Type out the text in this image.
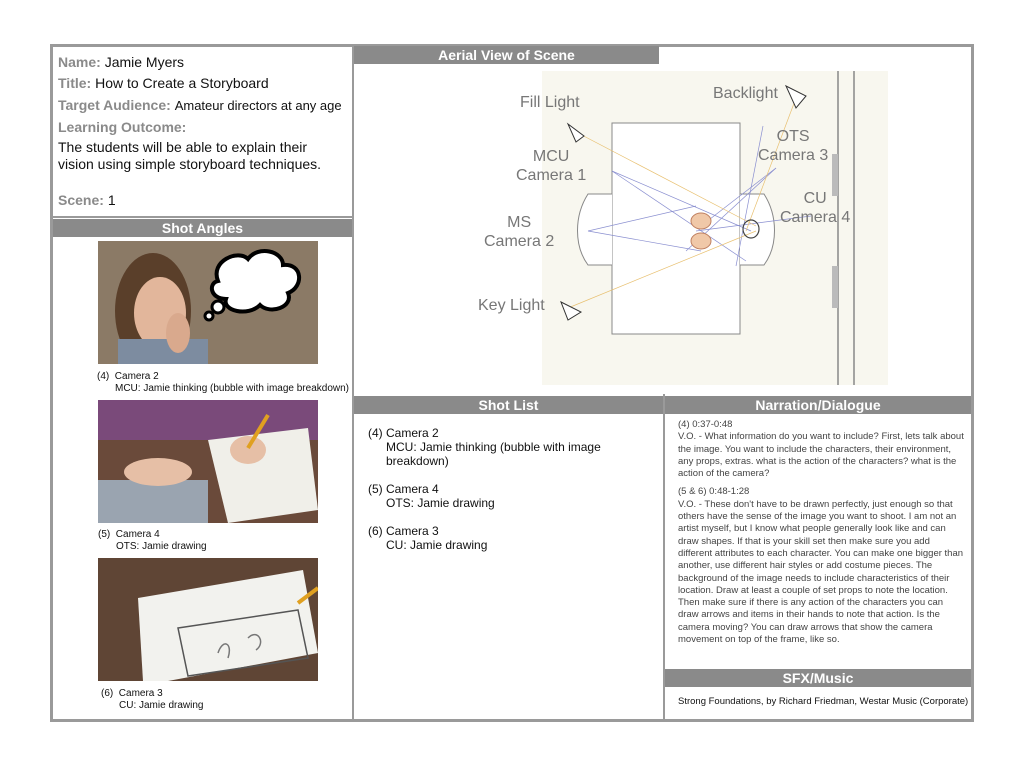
Aerial View of Scene
Shot Angles
Shot List	Narration/Dialogue
SFX/Music
Name: Jamie Myers
Title: How to Create a Storyboard
Target Audience: Amateur directors at any age
Learning Outcome:
The students will be able to explain their
vision using simple storyboard techniques.
Scene: 1
(4) Camera 2
MCU: Jamie thinking (bubble with image breakdown)
(5) Camera 4
OTS: Jamie drawing
(6) Camera 3
CU: Jamie drawing
Fill Light
Backlight
MCU
Camera 1
OTS
Camera 3
CU
Camera 4
MS
Camera 2
Key Light
(4) Camera 2
MCU: Jamie thinking (bubble with image
breakdown)
(5) Camera 4
OTS: Jamie drawing
(6) Camera 3
CU: Jamie drawing

(4) 0:37-0:48
V.O. - What information do you want to include? First, lets talk about the image. You want to include the characters, their environment, any props, extras. what is the action of the characters? what is the action of the camera?

(5 & 6) 0:48-1:28
V.O. - These don't have to be drawn perfectly, just enough so that others have the sense of the image you want to shoot. I am not an artist myself, but I know what people generally look like and can draw shapes. If that is your skill set then make sure you add different attributes to each character. You can make one bigger than another, use different hair styles or add costume pieces. The background of the image needs to include characteristics of their location. Draw at least a couple of set props to note the location. Then make sure if there is any action of the characters you can draw arrows and items in their hands to note that action. Is the camera moving? You can draw arrows that show the camera movement on top of the frame, like so.

Strong Foundations, by Richard Friedman, Westar Music (Corporate)
